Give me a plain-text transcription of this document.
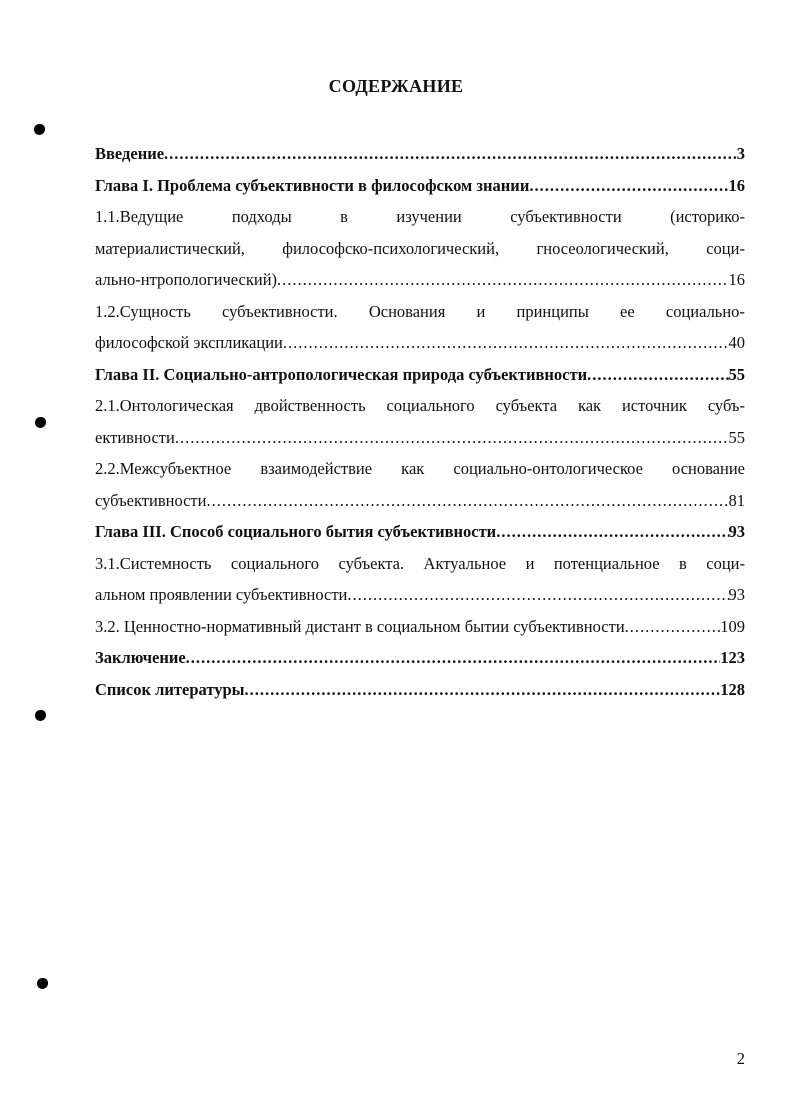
СОДЕРЖАНИЕ
Введение .....	3
Глава I. Проблема субъективности в философском знании .....	16
1.1.Ведущие	подходы	в	изучении	субъективности	(историко-
материалистический, философско-психологический, гносеологический, соци-
ально-нтропологический) .....	16
1.2.Сущность субъективности. Основания и принципы ее социально-
философской экспликации .....	40
Глава II. Социально-антропологическая природа субъективности .....	55
2.1.Онтологическая двойственность социального субъекта как источник субъ-
ективности .....	55
2.2.Межсубъектное взаимодействие как социально-онтологическое основание
субъективности .....	81
Глава III. Способ социального бытия субъективности .....	93
3.1.Системность социального субъекта. Актуальное и потенциальное в соци-
альном проявлении субъективности .....	93
3.2. Ценностно-нормативный дистант в социальном бытии субъективности .....	109
Заключение .....	123
Список литературы .....	128
2
